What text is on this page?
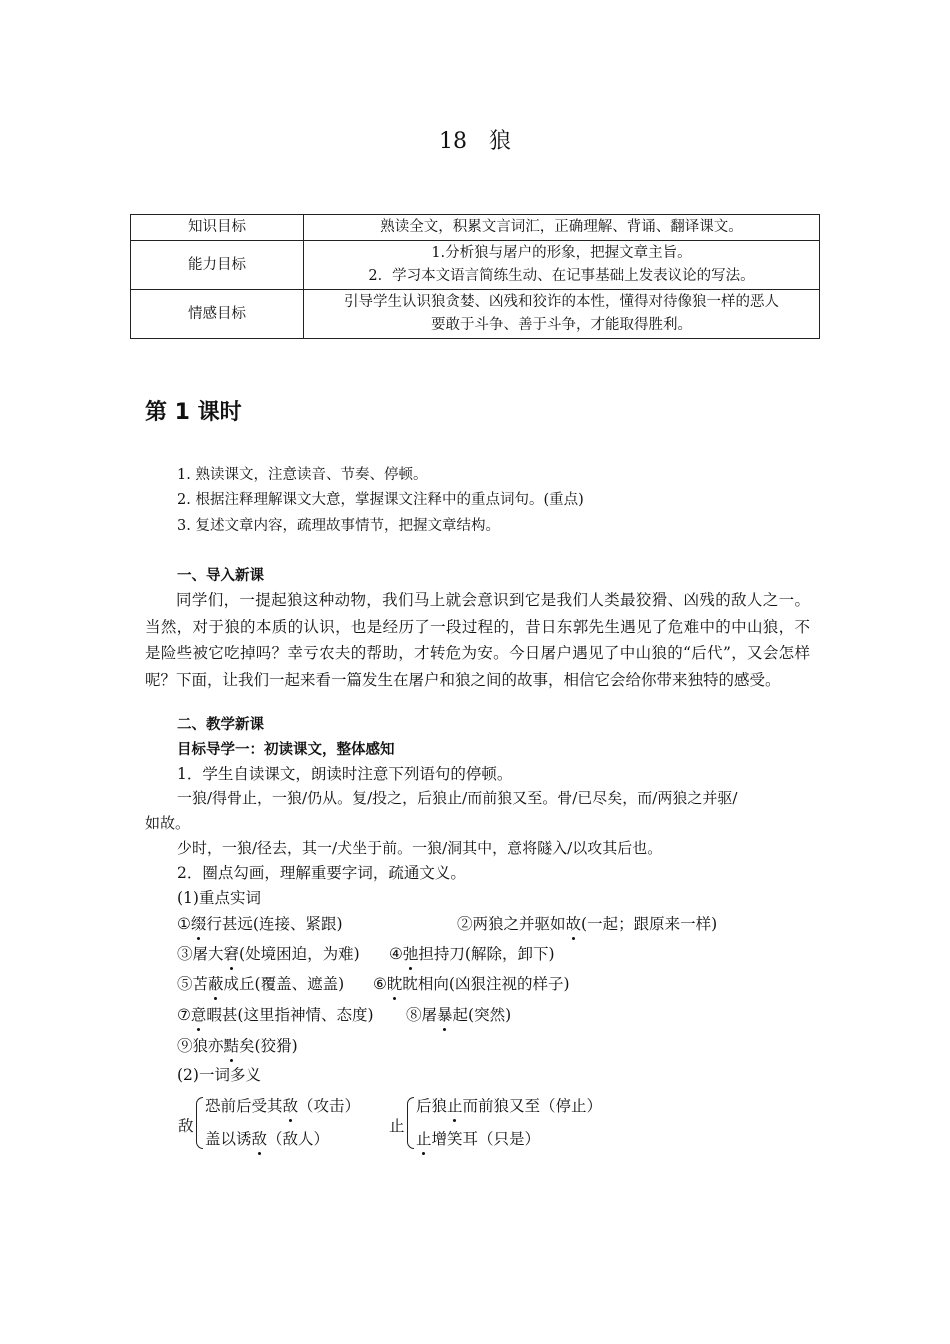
18　狼
知识目标	熟读全文，积累文言词汇，正确理解、背诵、翻译课文。
能力目标	1.分析狼与屠户的形象，把握文章主旨。
2．学习本文语言简练生动、在记事基础上发表议论的写法。

情感目标	引导学生认识狼贪婪、凶残和狡诈的本性，懂得对待像狼一样的恶人
要敢于斗争、善于斗争，才能取得胜利。
第 1 课时
1. 熟读课文，注意读音、节奏、停顿。
2. 根据注释理解课文大意，掌握课文注释中的重点词句。(重点)
3. 复述文章内容，疏理故事情节，把握文章结构。
一、导入新课

同学们，一提起狼这种动物，我们马上就会意识到它是我们人类最狡猾、凶残的敌人之一。当然，对于狼的本质的认识，也是经历了一段过程的，昔日东郭先生遇见了危难中的中山狼，不是险些被它吃掉吗？幸亏农夫的帮助，才转危为安。今日屠户遇见了中山狼的“后代”，又会怎样呢？下面，让我们一起来看一篇发生在屠户和狼之间的故事，相信它会给你带来独特的感受。

二、教学新课
目标导学一：初读课文，整体感知
1．学生自读课文，朗读时注意下列语句的停顿。
一狼/得骨止，一狼/仍从。复/投之，后狼止/而前狼又至。骨/已尽矣，而/两狼之并驱/
如故。
少时，一狼/径去，其一/犬坐于前。一狼/洞其中，意将隧入/以攻其后也。
2．圈点勾画，理解重要字词，疏通文义。
(1)重点实词
①缀行甚远(连接、紧跟)	②两狼之并驱如故(一起；跟原来一样)
③屠大窘(处境困迫，为难) ④弛担持刀(解除，卸下)
⑤苫蔽成丘(覆盖、遮盖) ⑥眈眈相向(凶狠注视的样子)
⑦意暇甚(这里指神情、态度) ⑧屠暴起(突然)
⑨狼亦黠矣(狡猾)
(2)一词多义
敌
恐前后受其敌（攻击）
盖以诱敌（敌人）
止
后狼止而前狼又至（停止）
止增笑耳（只是）
